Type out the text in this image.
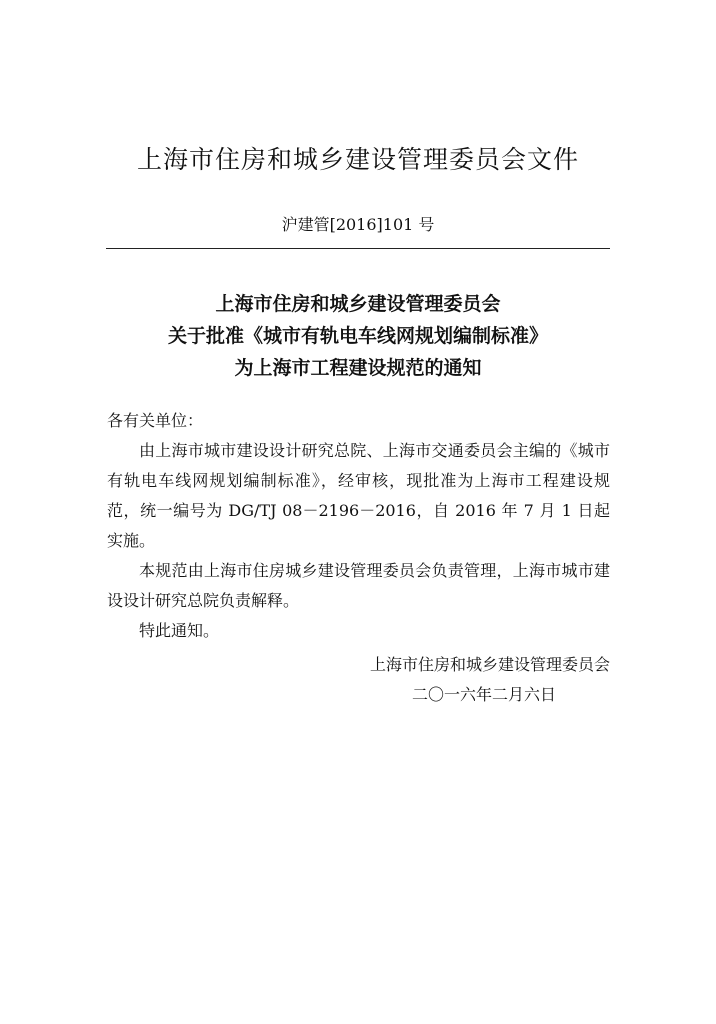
上海市住房和城乡建设管理委员会文件
沪建管[2016]101 号
上海市住房和城乡建设管理委员会
关于批准《城市有轨电车线网规划编制标准》
为上海市工程建设规范的通知

各有关单位：

由上海市城市建设设计研究总院、上海市交通委员会主编的《城市有轨电车线网规划编制标准》，经审核，现批准为上海市工程建设规范，统一编号为 DG/TJ 08－2196－2016，自 2016 年 7 月 1 日起实施。

本规范由上海市住房城乡建设管理委员会负责管理，上海市城市建设设计研究总院负责解释。

特此通知。

上海市住房和城乡建设管理委员会
二〇一六年二月六日
